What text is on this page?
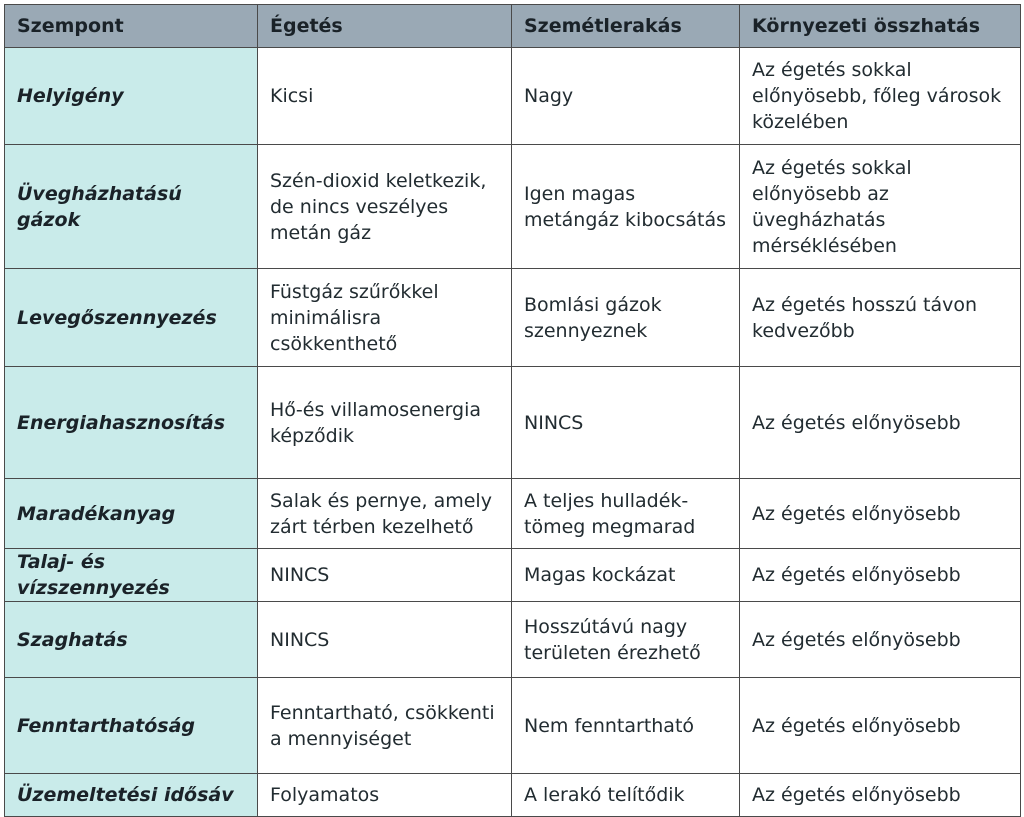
Szempont	Égetés	Szemétlerakás	Környezeti összhatás
Helyigény	Kicsi	Nagy	Az égetés sokkal előnyösebb, főleg városok közelében
Üvegházhatású gázok	Szén-dioxid keletkezik, de nincs veszélyes metán gáz	Igen magas metángáz kibocsátás	Az égetés sokkal előnyösebb az üvegházhatás mérséklésében
Levegőszennyezés	Füstgáz szűrőkkel minimálisra csökkenthető	Bomlási gázok szennyeznek	Az égetés hosszú távon kedvezőbb
Energiahasznosítás	Hő-és villamosenergia képződik	NINCS	Az égetés előnyösebb
Maradékanyag	Salak és pernye, amely zárt térben kezelhető	A teljes hulladék-tömeg megmarad	Az égetés előnyösebb
Talaj- és vízszennyezés	NINCS	Magas kockázat	Az égetés előnyösebb
Szaghatás	NINCS	Hosszútávú nagy területen érezhető	Az égetés előnyösebb
Fenntarthatóság	Fenntartható, csökkenti a mennyiséget	Nem fenntartható	Az égetés előnyösebb
Üzemeltetési idősáv	Folyamatos	A lerakó telítődik	Az égetés előnyösebb
